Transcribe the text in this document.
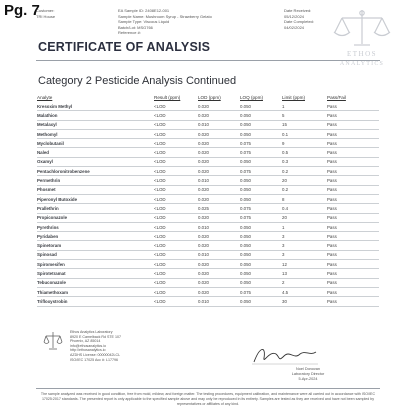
Pg. 7
Customer:
TRI House
EA Sample ID: 2408E12-001
Sample Name: Mushroom Syrup - Strawberry Gelato
Sample Type: Viscous Liquid
Batch/Lot: MSG766
Reference #:
Date Received:
05/12/2024
Date Completed:
04/02/2024
ETHOS
ANALYTICS
CERTIFICATE OF ANALYSIS
Category 2 Pesticide Analysis Continued
Analyte	Result (ppm)	LOD (ppm)	LOQ (ppm)	Limit (ppm)	Pass/Fail
Kresoxim Methyl	<LOD	0.020	0.050	1	Pass
Malathion	<LOD	0.020	0.050	5	Pass
Metalaxyl	<LOD	0.010	0.050	15	Pass
Methomyl	<LOD	0.020	0.050	0.1	Pass
Myclobutanil	<LOD	0.020	0.075	9	Pass
Naled	<LOD	0.020	0.075	0.5	Pass
Oxamyl	<LOD	0.020	0.050	0.3	Pass
Pentachloronitrobenzene	<LOD	0.020	0.075	0.2	Pass
Permethrin	<LOD	0.010	0.050	20	Pass
Phosmet	<LOD	0.020	0.050	0.2	Pass
Piperonyl Butoxide	<LOD	0.020	0.050	8	Pass
Prallethrin	<LOD	0.025	0.075	0.4	Pass
Propiconazole	<LOD	0.020	0.075	20	Pass
Pyrethrins	<LOD	0.010	0.050	1	Pass
Pyridaben	<LOD	0.020	0.050	3	Pass
Spinetoram	<LOD	0.020	0.050	3	Pass
Spinosad	<LOD	0.010	0.050	3	Pass
Spiromesifen	<LOD	0.020	0.050	12	Pass
Spirotetramat	<LOD	0.020	0.050	13	Pass
Tebuconazole	<LOD	0.020	0.050	2	Pass
Thiamethoxam	<LOD	0.020	0.075	4.5	Pass
Trifloxystrobin	<LOD	0.010	0.050	30	Pass
Ethos Analytics Laboratory
8920 E Camelback Rd STE 107
Phoenix, AZ 85014
info@ethosanalytics.io
http://ethosanalytics.io
AZDHS License: 00000042LCL
ISO/IEC 17025 Acc #: L17796
Noel Donovan
Laboratory Director
5-Apr-2024
The sample analyzed was received in good condition, free from mold, mildew, and foreign matter. The testing procedures, equipment calibration, and maintenance were all carried out in accordance with ISO/IEC 17025:2017 standards. The presented report is only applicable to the specified sample above and may only be reproduced in its entirety. Samples are tested as they are received and have not been sampled by representatives or affiliates of any kind.
